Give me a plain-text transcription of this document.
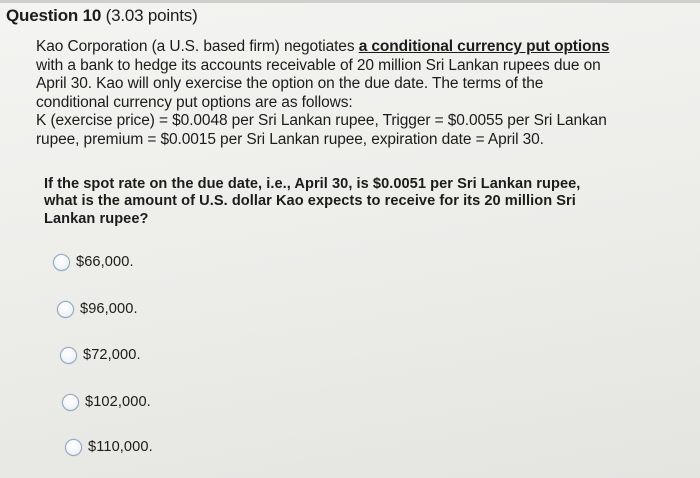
Question 10 (3.03 points)
Kao Corporation (a U.S. based firm) negotiates a conditional currency put options
with a bank to hedge its accounts receivable of 20 million Sri Lankan rupees due on
April 30. Kao will only exercise the option on the due date. The terms of the
conditional currency put options are as follows:
K (exercise price) = $0.0048 per Sri Lankan rupee, Trigger = $0.0055 per Sri Lankan
rupee, premium = $0.0015 per Sri Lankan rupee, expiration date = April 30.
If the spot rate on the due date, i.e., April 30, is $0.0051 per Sri Lankan rupee,
what is the amount of U.S. dollar Kao expects to receive for its 20 million Sri
Lankan rupee?
$66,000.
$96,000.
$72,000.
$102,000.
$110,000.
